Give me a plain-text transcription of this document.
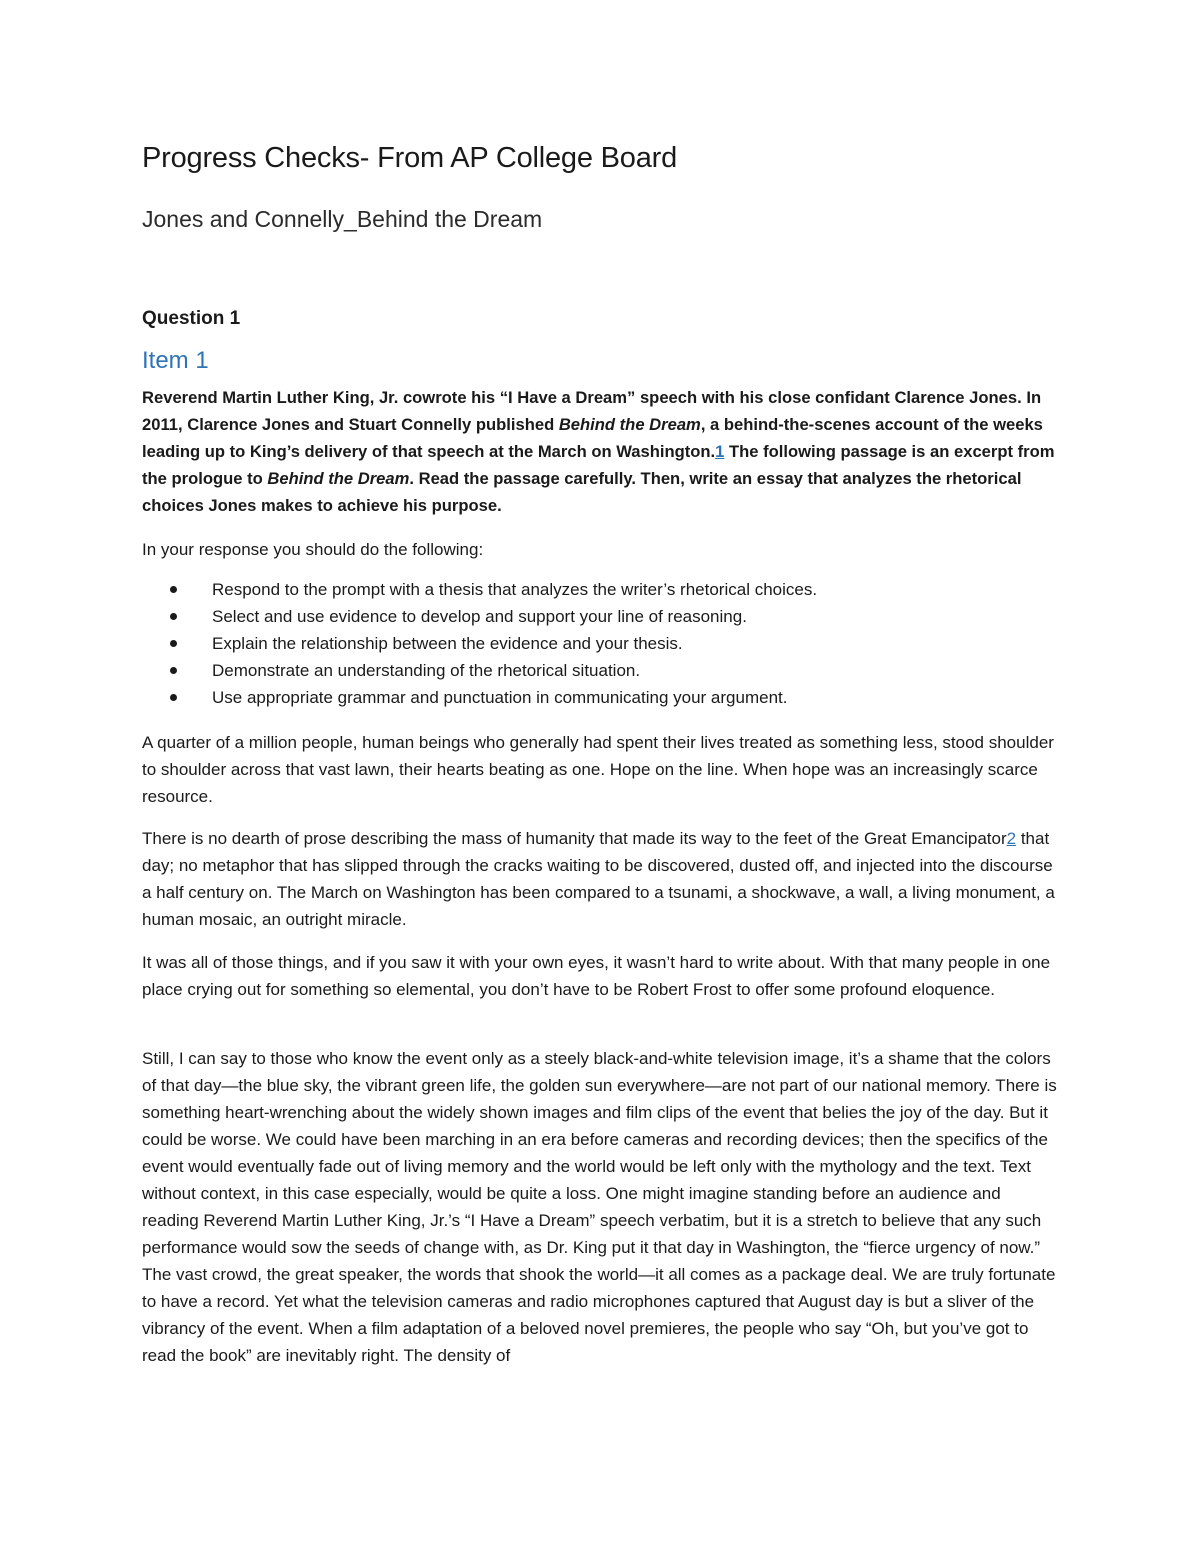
Progress Checks- From AP College Board
Jones and Connelly_Behind the Dream
Question 1
Item 1

Reverend Martin Luther King, Jr. cowrote his “I Have a Dream” speech with his close confidant Clarence Jones. In 2011, Clarence Jones and Stuart Connelly published Behind the Dream, a behind-the-scenes account of the weeks leading up to King’s delivery of that speech at the March on Washington.1 The following passage is an excerpt from the prologue to Behind the Dream. Read the passage carefully. Then, write an essay that analyzes the rhetorical choices Jones makes to achieve his purpose.

In your response you should do the following:

Respond to the prompt with a thesis that analyzes the writer’s rhetorical choices.
Select and use evidence to develop and support your line of reasoning.
Explain the relationship between the evidence and your thesis.
Demonstrate an understanding of the rhetorical situation.
Use appropriate grammar and punctuation in communicating your argument.

A quarter of a million people, human beings who generally had spent their lives treated as something less, stood shoulder to shoulder across that vast lawn, their hearts beating as one. Hope on the line. When hope was an increasingly scarce resource.

There is no dearth of prose describing the mass of humanity that made its way to the feet of the Great Emancipator2 that day; no metaphor that has slipped through the cracks waiting to be discovered, dusted off, and injected into the discourse a half century on. The March on Washington has been compared to a tsunami, a shockwave, a wall, a living monument, a human mosaic, an outright miracle.

It was all of those things, and if you saw it with your own eyes, it wasn’t hard to write about. With that many people in one place crying out for something so elemental, you don’t have to be Robert Frost to offer some profound eloquence.

Still, I can say to those who know the event only as a steely black-and-white television image, it’s a shame that the colors of that day—the blue sky, the vibrant green life, the golden sun everywhere—are not part of our national memory. There is something heart-wrenching about the widely shown images and film clips of the event that belies the joy of the day. But it could be worse. We could have been marching in an era before cameras and recording devices; then the specifics of the event would eventually fade out of living memory and the world would be left only with the mythology and the text. Text without context, in this case especially, would be quite a loss. One might imagine standing before an audience and reading Reverend Martin Luther King, Jr.’s “I Have a Dream” speech verbatim, but it is a stretch to believe that any such performance would sow the seeds of change with, as Dr. King put it that day in Washington, the “fierce urgency of now.” The vast crowd, the great speaker, the words that shook the world—it all comes as a package deal. We are truly fortunate to have a record. Yet what the television cameras and radio microphones captured that August day is but a sliver of the vibrancy of the event. When a film adaptation of a beloved novel premieres, the people who say “Oh, but you’ve got to read the book” are inevitably right. The density of
